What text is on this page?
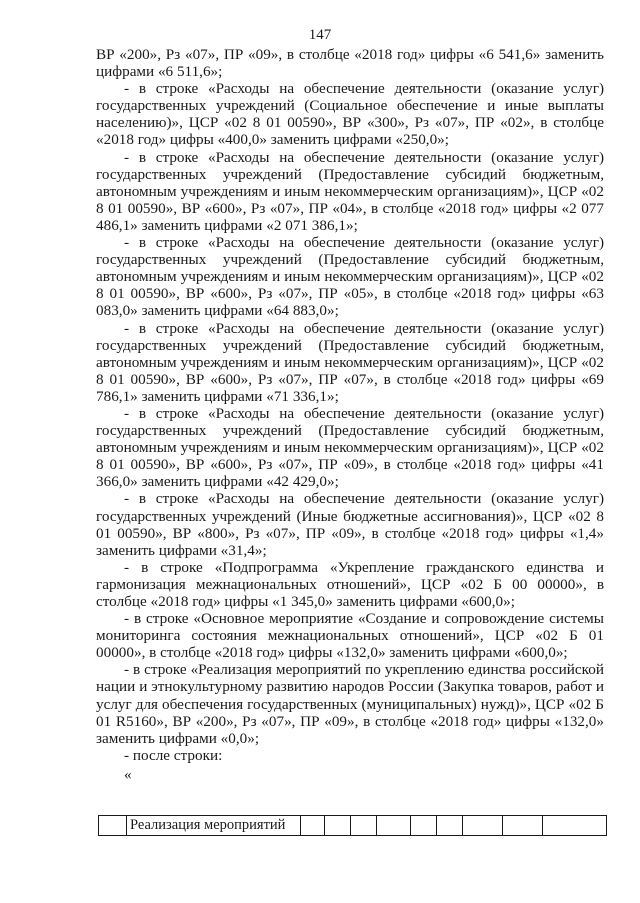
147

ВР «200», Рз «07», ПР «09», в столбце «2018 год» цифры «6 541,6» заменить цифрами «6 511,6»;

- в строке «Расходы на обеспечение деятельности (оказание услуг) государственных учреждений (Социальное обеспечение и иные выплаты населению)», ЦСР «02 8 01 00590», ВР «300», Рз «07», ПР «02», в столбце «2018 год» цифры «400,0» заменить цифрами «250,0»;

- в строке «Расходы на обеспечение деятельности (оказание услуг) государственных учреждений (Предоставление субсидий бюджетным, автономным учреждениям и иным некоммерческим организациям)», ЦСР «02 8 01 00590», ВР «600», Рз «07», ПР «04», в столбце «2018 год» цифры «2 077 486,1» заменить цифрами «2 071 386,1»;

- в строке «Расходы на обеспечение деятельности (оказание услуг) государственных учреждений (Предоставление субсидий бюджетным, автономным учреждениям и иным некоммерческим организациям)», ЦСР «02 8 01 00590», ВР «600», Рз «07», ПР «05», в столбце «2018 год» цифры «63 083,0» заменить цифрами «64 883,0»;

- в строке «Расходы на обеспечение деятельности (оказание услуг) государственных учреждений (Предоставление субсидий бюджетным, автономным учреждениям и иным некоммерческим организациям)», ЦСР «02 8 01 00590», ВР «600», Рз «07», ПР «07», в столбце «2018 год» цифры «69 786,1» заменить цифрами «71 336,1»;

- в строке «Расходы на обеспечение деятельности (оказание услуг) государственных учреждений (Предоставление субсидий бюджетным, автономным учреждениям и иным некоммерческим организациям)», ЦСР «02 8 01 00590», ВР «600», Рз «07», ПР «09», в столбце «2018 год» цифры «41 366,0» заменить цифрами «42 429,0»;

- в строке «Расходы на обеспечение деятельности (оказание услуг) государственных учреждений (Иные бюджетные ассигнования)», ЦСР «02 8 01 00590», ВР «800», Рз «07», ПР «09», в столбце «2018 год» цифры «1,4» заменить цифрами «31,4»;

- в строке «Подпрограмма «Укрепление гражданского единства и гармонизация межнациональных отношений», ЦСР «02 Б 00 00000», в столбце «2018 год» цифры «1 345,0» заменить цифрами «600,0»;

- в строке «Основное мероприятие «Создание и сопровождение системы мониторинга состояния межнациональных отношений», ЦСР «02 Б 01 00000», в столбце «2018 год» цифры «132,0» заменить цифрами «600,0»;

- в строке «Реализация мероприятий по укреплению единства российской нации и этнокультурному развитию народов России (Закупка товаров, работ и услуг для обеспечения государственных (муниципальных) нужд)», ЦСР «02 Б 01 R5160», ВР «200», Рз «07», ПР «09», в столбце «2018 год» цифры «132,0» заменить цифрами «0,0»;

- после строки:

«

	Реализация мероприятий									
